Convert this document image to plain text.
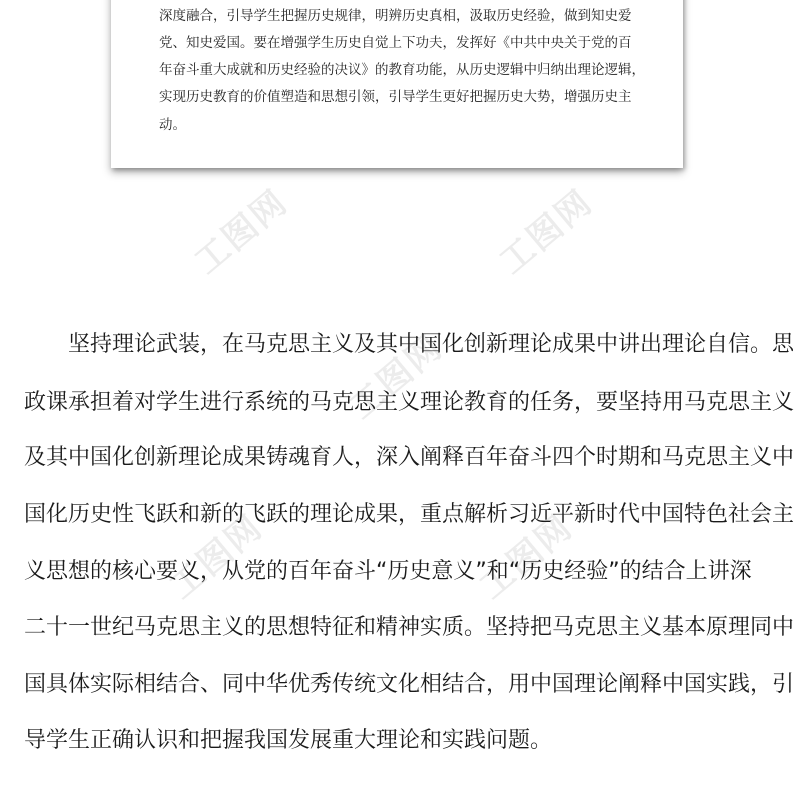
深度融合，引导学生把握历史规律，明辨历史真相，汲取历史经验，做到知史爱
党、知史爱国。要在增强学生历史自觉上下功夫，发挥好《中共中央关于党的百
年奋斗重大成就和历史经验的决议》的教育功能，从历史逻辑中归纳出理论逻辑，
实现历史教育的价值塑造和思想引领，引导学生更好把握历史大势，增强历史主
动。
工图网	工图网
工图网
工图网	工图网
　　坚持理论武装，在马克思主义及其中国化创新理论成果中讲出理论自信。思
政课承担着对学生进行系统的马克思主义理论教育的任务，要坚持用马克思主义
及其中国化创新理论成果铸魂育人，深入阐释百年奋斗四个时期和马克思主义中
国化历史性飞跃和新的飞跃的理论成果，重点解析习近平新时代中国特色社会主
义思想的核心要义，从党的百年奋斗“历史意义”和“历史经验”的结合上讲深
二十一世纪马克思主义的思想特征和精神实质。坚持把马克思主义基本原理同中
国具体实际相结合、同中华优秀传统文化相结合，用中国理论阐释中国实践，引
导学生正确认识和把握我国发展重大理论和实践问题。
